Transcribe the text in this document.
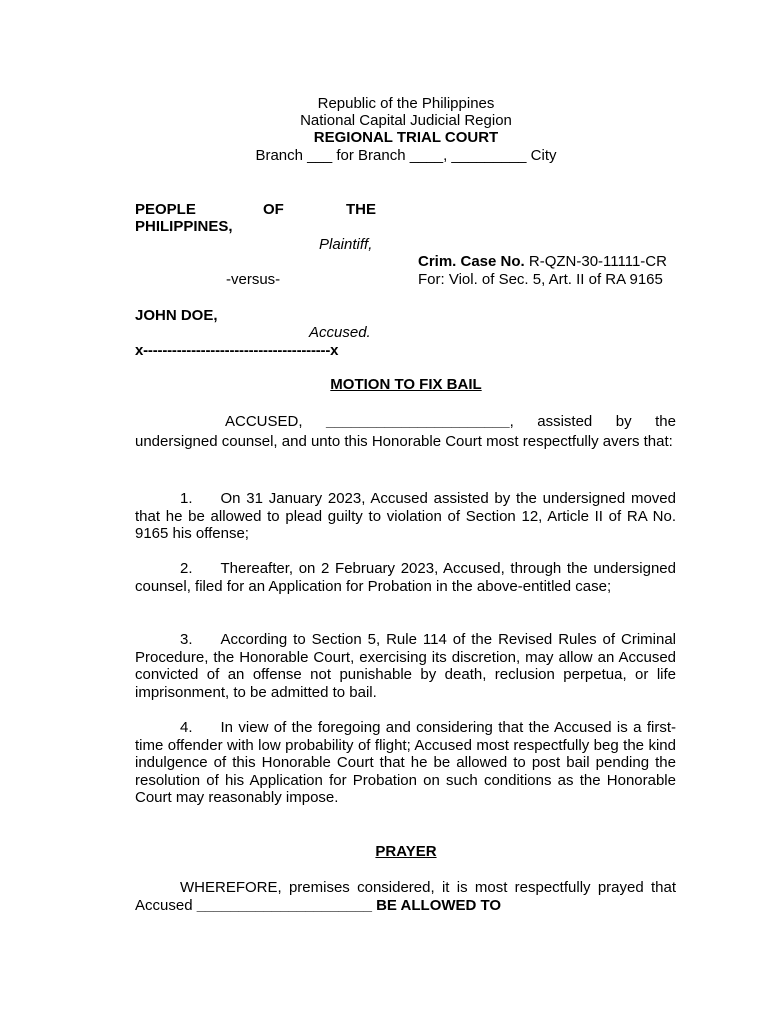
Republic of the Philippines
National Capital Judicial Region
REGIONAL TRIAL COURT
Branch ___ for Branch ____, _________ City
PEOPLE	OF	THE
PHILIPPINES,
Plaintiff,
-versus-
JOHN DOE,
Accused.
x---------------------------------------x
Crim. Case No. R-QZN-30-11111-CR
For: Viol. of Sec. 5, Art. II of RA 9165
MOTION TO FIX BAIL
ACCUSED, ______________________, assisted by the undersigned counsel, and unto this Honorable Court most respectfully avers that:
1. On 31 January 2023, Accused assisted by the undersigned moved that he be allowed to plead guilty to violation of Section 12, Article II of RA No. 9165 his offense;
2. Thereafter, on 2 February 2023, Accused, through the undersigned counsel, filed for an Application for Probation in the above-entitled case;
3. According to Section 5, Rule 114 of the Revised Rules of Criminal Procedure, the Honorable Court, exercising its discretion, may allow an Accused convicted of an offense not punishable by death, reclusion perpetua, or life imprisonment, to be admitted to bail.
4. In view of the foregoing and considering that the Accused is a first-time offender with low probability of flight; Accused most respectfully beg the kind indulgence of this Honorable Court that he be allowed to post bail pending the resolution of his Application for Probation on such conditions as the Honorable Court may reasonably impose.
PRAYER
WHEREFORE, premises considered, it is most respectfully prayed that Accused _____________________ BE ALLOWED TO
